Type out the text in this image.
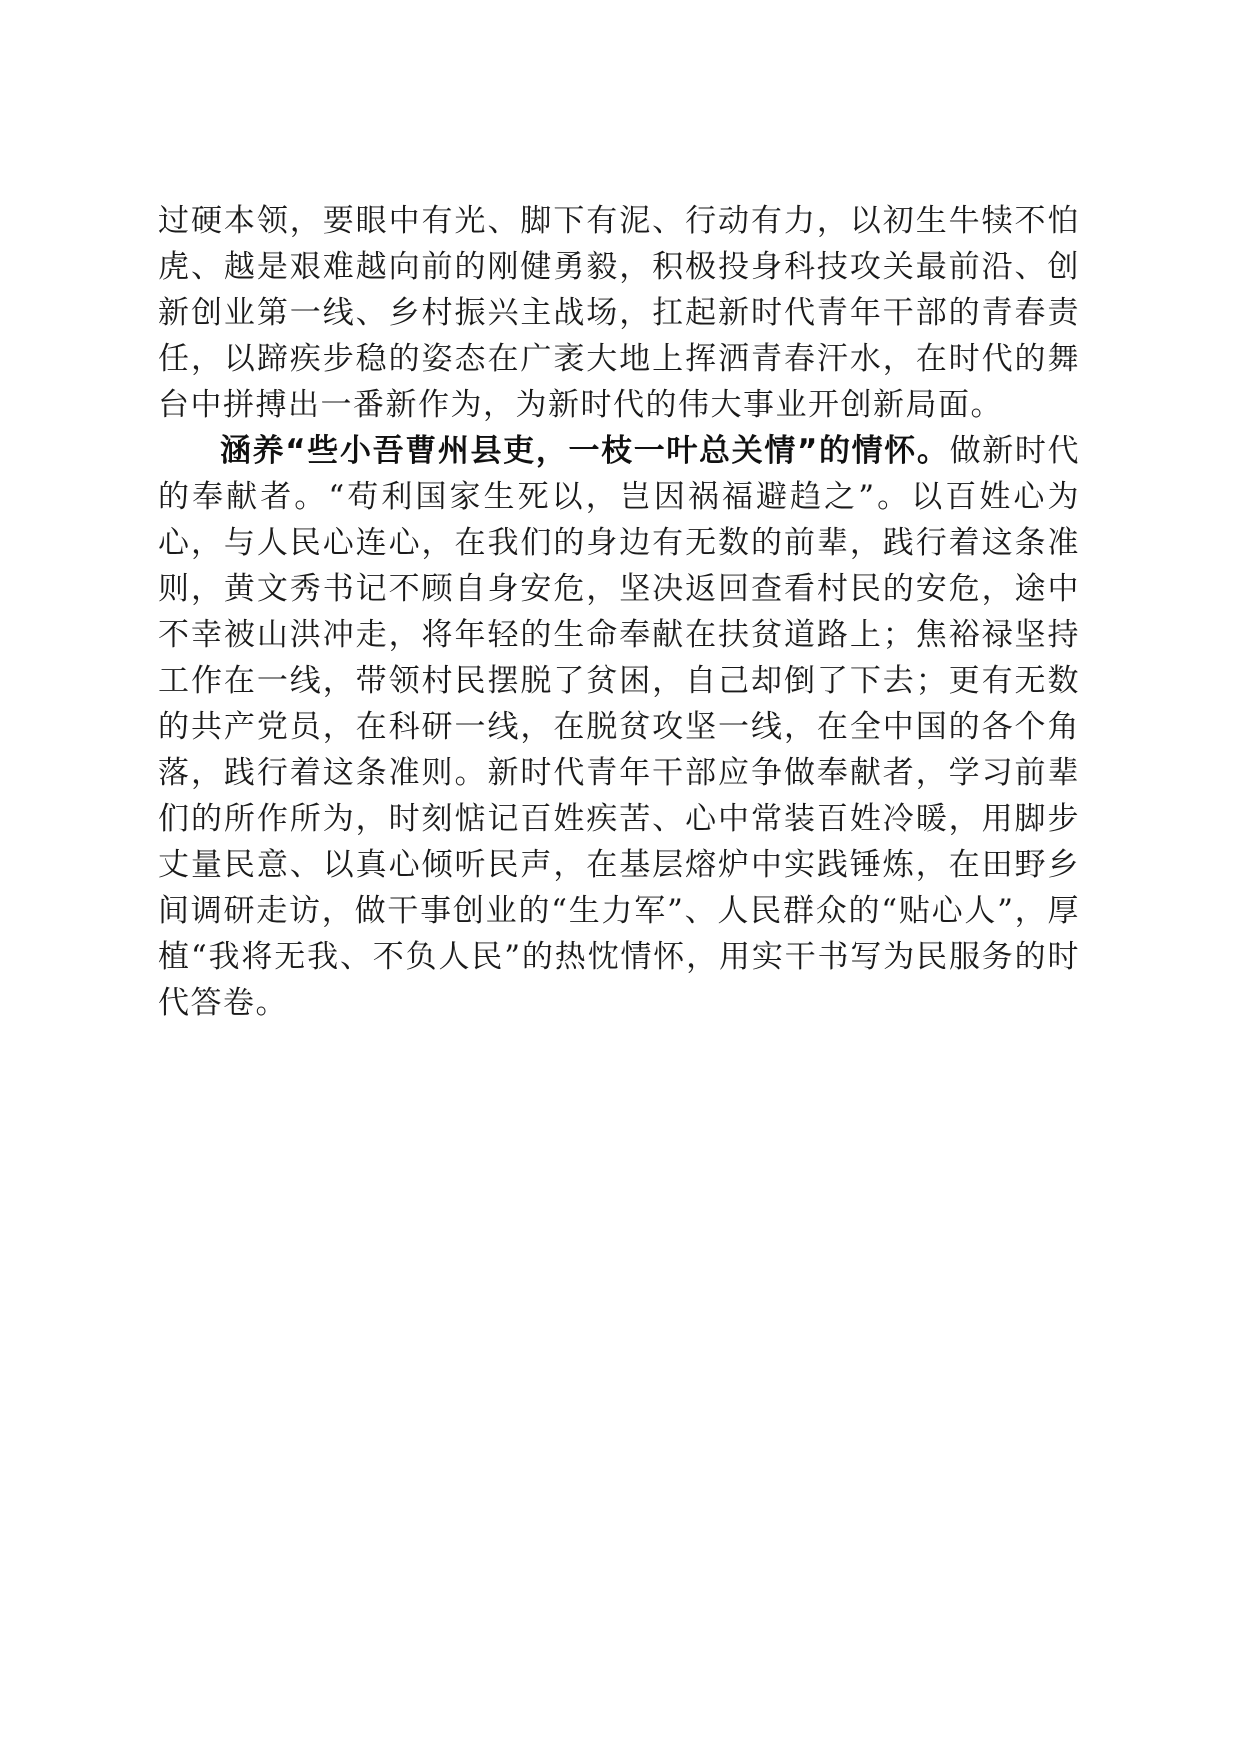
过硬本领，要眼中有光、脚下有泥、行动有力，以初生牛犊不怕虎、越是艰难越向前的刚健勇毅，积极投身科技攻关最前沿、创新创业第一线、乡村振兴主战场，扛起新时代青年干部的青春责任，以蹄疾步稳的姿态在广袤大地上挥洒青春汗水，在时代的舞台中拼搏出一番新作为，为新时代的伟大事业开创新局面。

涵养“些小吾曹州县吏，一枝一叶总关情”的情怀。做新时代的奉献者。“苟利国家生死以，岂因祸福避趋之”。以百姓心为心，与人民心连心，在我们的身边有无数的前辈，践行着这条准则，黄文秀书记不顾自身安危，坚决返回查看村民的安危，途中不幸被山洪冲走，将年轻的生命奉献在扶贫道路上；焦裕禄坚持工作在一线，带领村民摆脱了贫困，自己却倒了下去；更有无数的共产党员，在科研一线，在脱贫攻坚一线，在全中国的各个角落，践行着这条准则。新时代青年干部应争做奉献者，学习前辈们的所作所为，时刻惦记百姓疾苦、心中常装百姓冷暖，用脚步丈量民意、以真心倾听民声，在基层熔炉中实践锤炼，在田野乡间调研走访，做干事创业的“生力军”、人民群众的“贴心人”，厚植“我将无我、不负人民”的热忱情怀，用实干书写为民服务的时代答卷。
